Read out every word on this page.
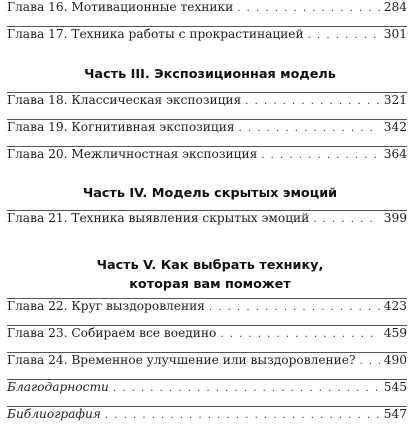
Глава 16. Мотивационные техники . . .	284
Глава 17. Техника работы с прокрастинацией . . .	301
Часть III. Экспозиционная модель
Глава 18. Классическая экспозиция . . .	321
Глава 19. Когнитивная экспозиция . . .	342
Глава 20. Межличностная экспозиция . . .	364
Часть IV. Модель скрытых эмоций
Глава 21. Техника выявления скрытых эмоций . . .	399
Часть V. Как выбрать технику,
которая вам поможет
Глава 22. Круг выздоровления . . .	423
Глава 23. Собираем все воедино . . .	459
Глава 24. Временное улучшение или выздоровление? . . .	490
Благодарности . . .	545
Библиография . . .	547
